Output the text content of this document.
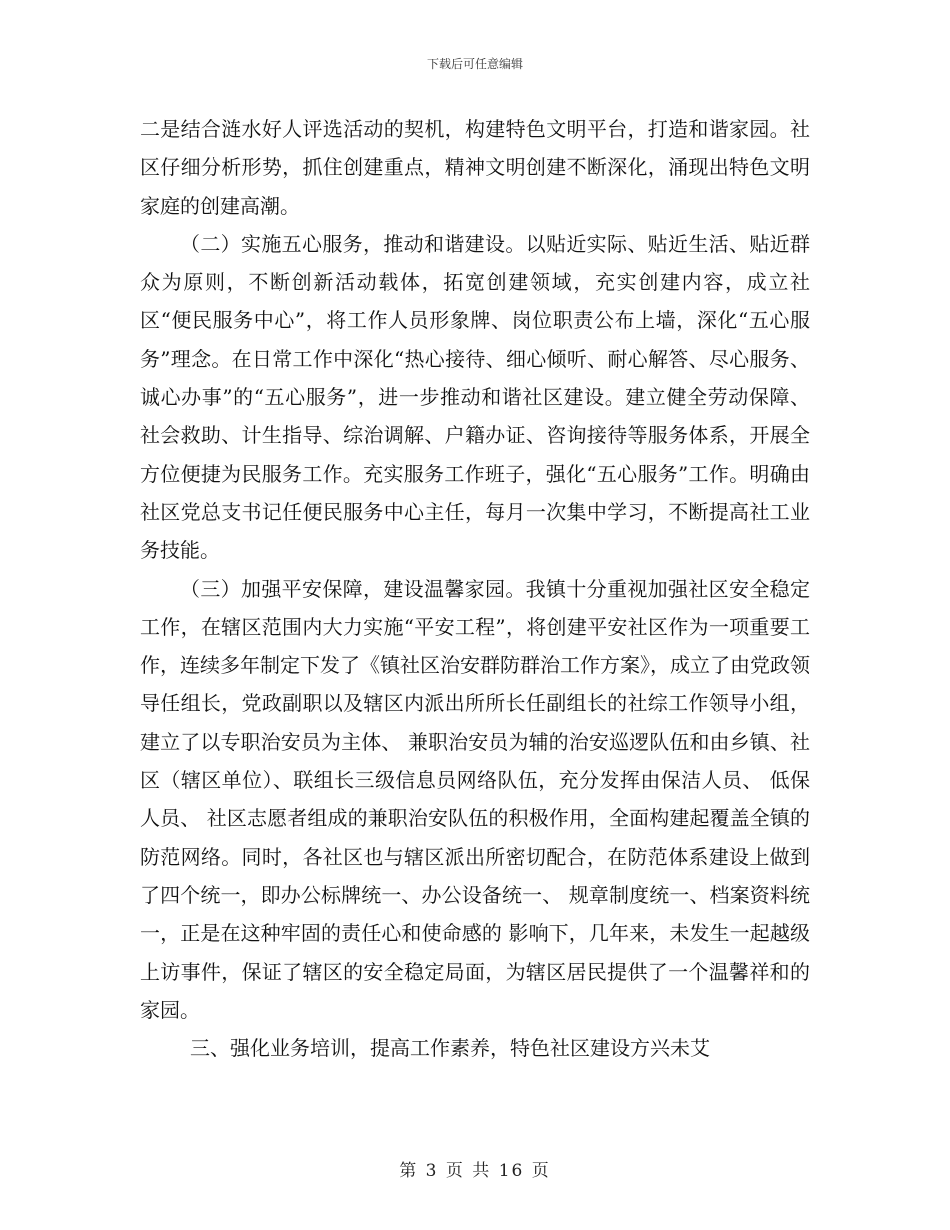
下载后可任意编辑

二是结合涟水好人评选活动的契机，构建特色文明平台，打造和谐家园。社区仔细分析形势，抓住创建重点，精神文明创建不断深化，涌现出特色文明家庭的创建高潮。

（二）实施五心服务，推动和谐建设。以贴近实际、贴近生活、贴近群众为原则，不断创新活动载体，拓宽创建领域，充实创建内容，成立社区“便民服务中心”，将工作人员形象牌、岗位职责公布上墙，深化“五心服务”理念。在日常工作中深化“热心接待、细心倾听、耐心解答、尽心服务、诚心办事”的“五心服务”，进一步推动和谐社区建设。建立健全劳动保障、社会救助、计生指导、综治调解、户籍办证、咨询接待等服务体系，开展全方位便捷为民服务工作。充实服务工作班子，强化“五心服务”工作。明确由社区党总支书记任便民服务中心主任，每月一次集中学习，不断提高社工业务技能。

（三）加强平安保障，建设温馨家园。我镇十分重视加强社区安全稳定工作，在辖区范围内大力实施“平安工程”，将创建平安社区作为一项重要工作，连续多年制定下发了《镇社区治安群防群治工作方案》，成立了由党政领导任组长，党政副职以及辖区内派出所所长任副组长的社综工作领导小组，建立了以专职治安员为主体、 兼职治安员为辅的治安巡逻队伍和由乡镇、社区（辖区单位）、联组长三级信息员网络队伍，充分发挥由保洁人员、 低保人员、 社区志愿者组成的兼职治安队伍的积极作用，全面构建起覆盖全镇的防范网络。同时，各社区也与辖区派出所密切配合，在防范体系建设上做到了四个统一，即办公标牌统一、办公设备统一、 规章制度统一、档案资料统一，正是在这种牢固的责任心和使命感的 影响下，几年来，未发生一起越级上访事件，保证了辖区的安全稳定局面，为辖区居民提供了一个温馨祥和的家园。

三、强化业务培训，提高工作素养，特色社区建设方兴未艾

第 3 页 共 16 页
